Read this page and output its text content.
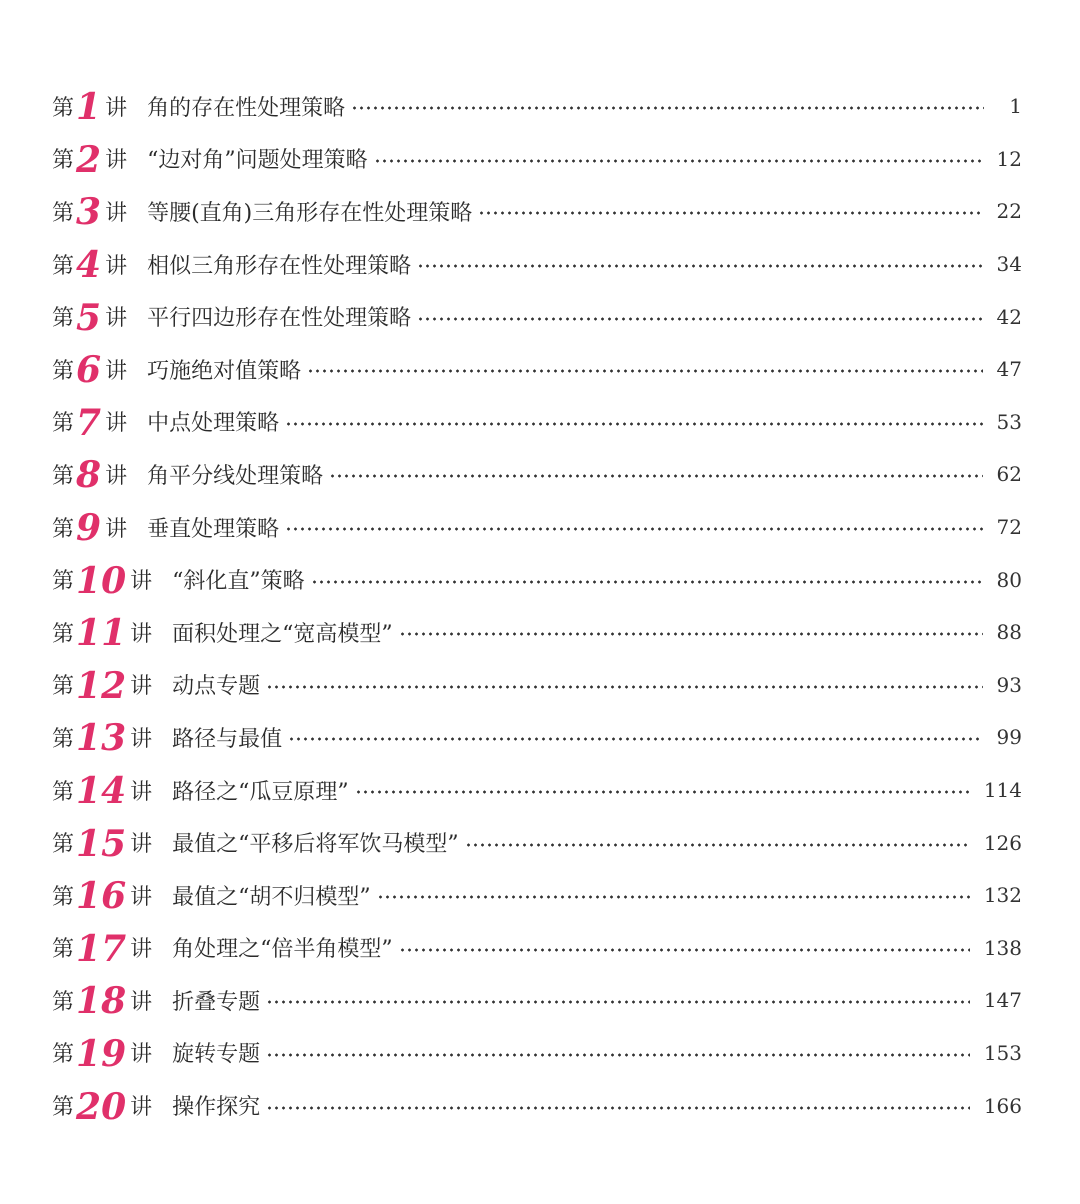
第 1 讲 角的存在性处理策略	1
第 2 讲 “边对角”问题处理策略	12
第 3 讲 等腰(直角)三角形存在性处理策略	22
第 4 讲 相似三角形存在性处理策略	34
第 5 讲 平行四边形存在性处理策略	42
第 6 讲 巧施绝对值策略	47
第 7 讲 中点处理策略	53
第 8 讲 角平分线处理策略	62
第 9 讲 垂直处理策略	72
第 10 讲 “斜化直”策略	80
第 11 讲 面积处理之“宽高模型”	88
第 12 讲 动点专题	93
第 13 讲 路径与最值	99
第 14 讲 路径之“瓜豆原理”	114
第 15 讲 最值之“平移后将军饮马模型”	126
第 16 讲 最值之“胡不归模型”	132
第 17 讲 角处理之“倍半角模型”	138
第 18 讲 折叠专题	147
第 19 讲 旋转专题	153
第 20 讲 操作探究	166
